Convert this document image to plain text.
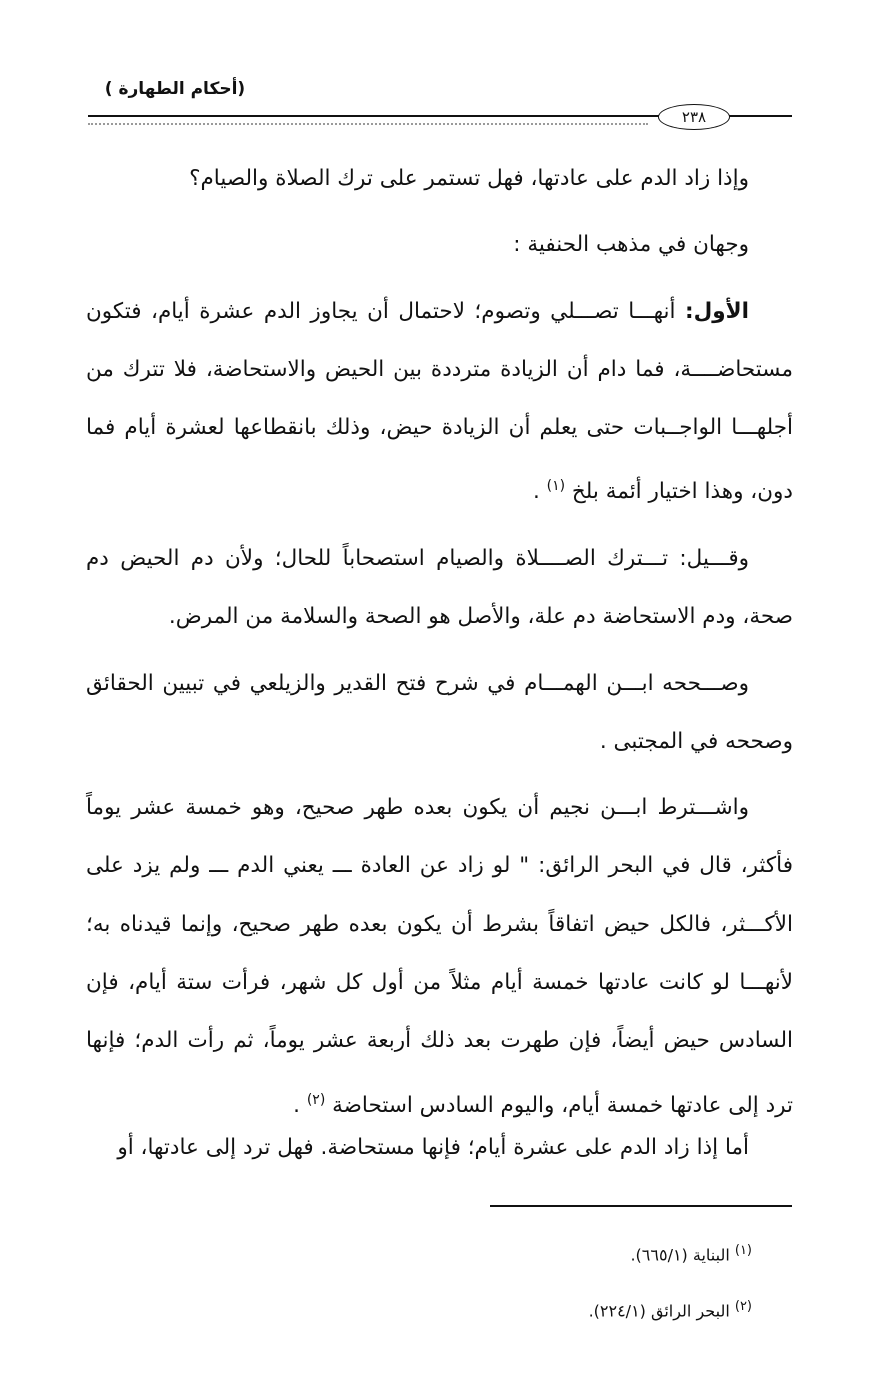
(أحكام الطهارة )
٢٣٨

وإذا زاد الدم على عادتها، فهل تستمر على ترك الصلاة والصيام؟

وجهان في مذهب الحنفية :

الأول: أنهـــا تصـــلي وتصوم؛ لاحتمال أن يجاوز الدم عشرة أيام، فتكون مستحاضــــة، فما دام أن الزيادة مترددة بين الحيض والاستحاضة، فلا تترك من أجلهـــا الواجــبات حتى يعلم أن الزيادة حيض، وذلك بانقطاعها لعشرة أيام فما دون، وهذا اختيار أئمة بلخ $^{(١)}$ .

وقـــيل: تـــترك الصــــلاة والصيام استصحاباً للحال؛ ولأن دم الحيض دم صحة، ودم الاستحاضة دم علة، والأصل هو الصحة والسلامة من المرض.

وصـــححه ابـــن الهمـــام في شرح فتح القدير والزيلعي في تبيين الحقائق وصححه في المجتبى .

واشـــترط ابـــن نجيم أن يكون بعده طهر صحيح، وهو خمسة عشر يوماً فأكثر، قال في البحر الرائق: " لو زاد عن العادة ـــ يعني الدم ـــ ولم يزد على الأكـــثر، فالكل حيض اتفاقاً بشرط أن يكون بعده طهر صحيح، وإنما قيدناه به؛ لأنهـــا لو كانت عادتها خمسة أيام مثلاً من أول كل شهر، فرأت ستة أيام، فإن السادس حيض أيضاً، فإن طهرت بعد ذلك أربعة عشر يوماً، ثم رأت الدم؛ فإنها ترد إلى عادتها خمسة أيام، واليوم السادس استحاضة $^{(٢)}$ .

أما إذا زاد الدم على عشرة أيام؛ فإنها مستحاضة. فهل ترد إلى عادتها، أو
$^{(١)}$ البناية (٦٦٥/١).
$^{(٢)}$ البحر الرائق (٢٢٤/١).
